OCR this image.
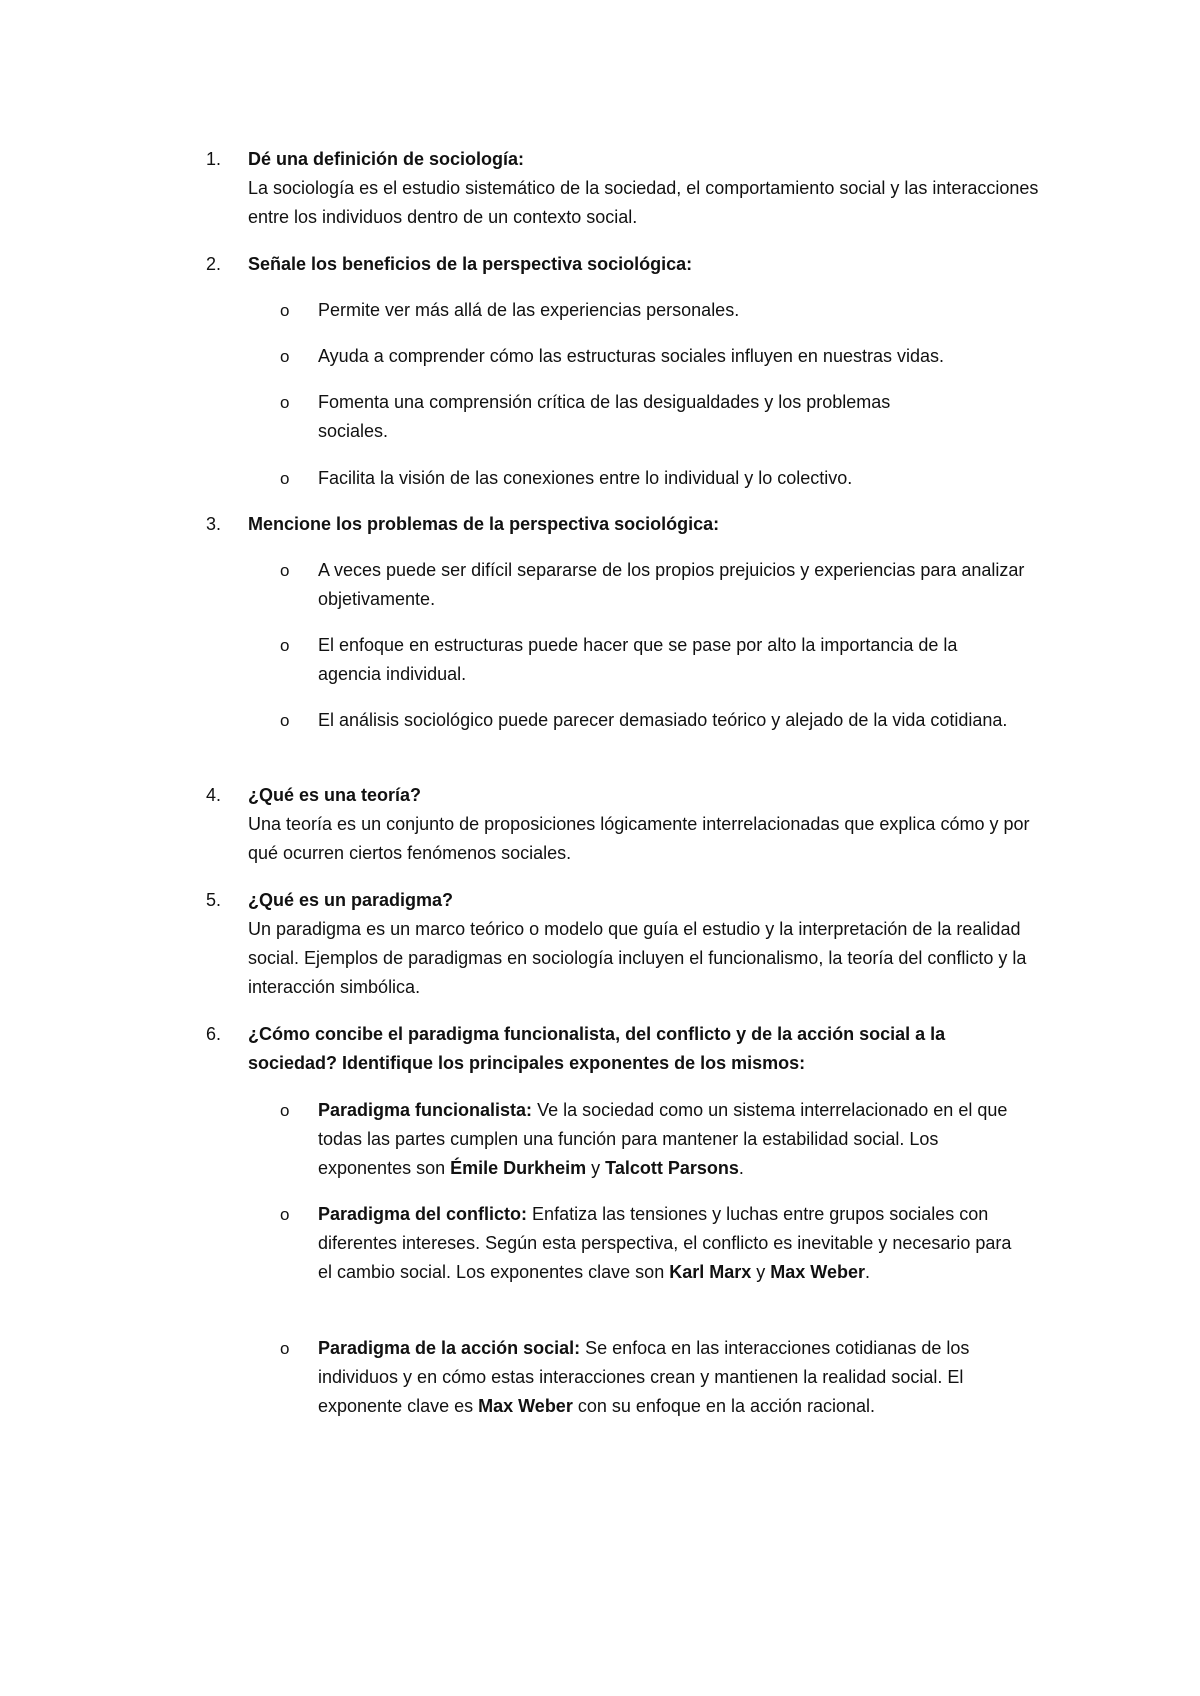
1.	Dé una definición de sociología:
La sociología es el estudio sistemático de la sociedad, el comportamiento social y las interacciones entre los individuos dentro de un contexto social.
2.	Señale los beneficios de la perspectiva sociológica:
o Permite ver más allá de las experiencias personales.
o Ayuda a comprender cómo las estructuras sociales influyen en nuestras vidas.
o Fomenta una comprensión crítica de las desigualdades y los problemas sociales.
o Facilita la visión de las conexiones entre lo individual y lo colectivo.
3.	Mencione los problemas de la perspectiva sociológica:
o A veces puede ser difícil separarse de los propios prejuicios y experiencias para analizar objetivamente.
o El enfoque en estructuras puede hacer que se pase por alto la importancia de la agencia individual.
o El análisis sociológico puede parecer demasiado teórico y alejado de la vida cotidiana.
4.	¿Qué es una teoría?
Una teoría es un conjunto de proposiciones lógicamente interrelacionadas que explica cómo y por qué ocurren ciertos fenómenos sociales.
5.	¿Qué es un paradigma?
Un paradigma es un marco teórico o modelo que guía el estudio y la interpretación de la realidad social. Ejemplos de paradigmas en sociología incluyen el funcionalismo, la teoría del conflicto y la interacción simbólica.
6.	¿Cómo concibe el paradigma funcionalista, del conflicto y de la acción social a la sociedad? Identifique los principales exponentes de los mismos:
o Paradigma funcionalista: Ve la sociedad como un sistema interrelacionado en el que todas las partes cumplen una función para mantener la estabilidad social. Los exponentes son Émile Durkheim y Talcott Parsons.
o Paradigma del conflicto: Enfatiza las tensiones y luchas entre grupos sociales con diferentes intereses. Según esta perspectiva, el conflicto es inevitable y necesario para el cambio social. Los exponentes clave son Karl Marx y Max Weber.
o Paradigma de la acción social: Se enfoca en las interacciones cotidianas de los individuos y en cómo estas interacciones crean y mantienen la realidad social. El exponente clave es Max Weber con su enfoque en la acción racional.
